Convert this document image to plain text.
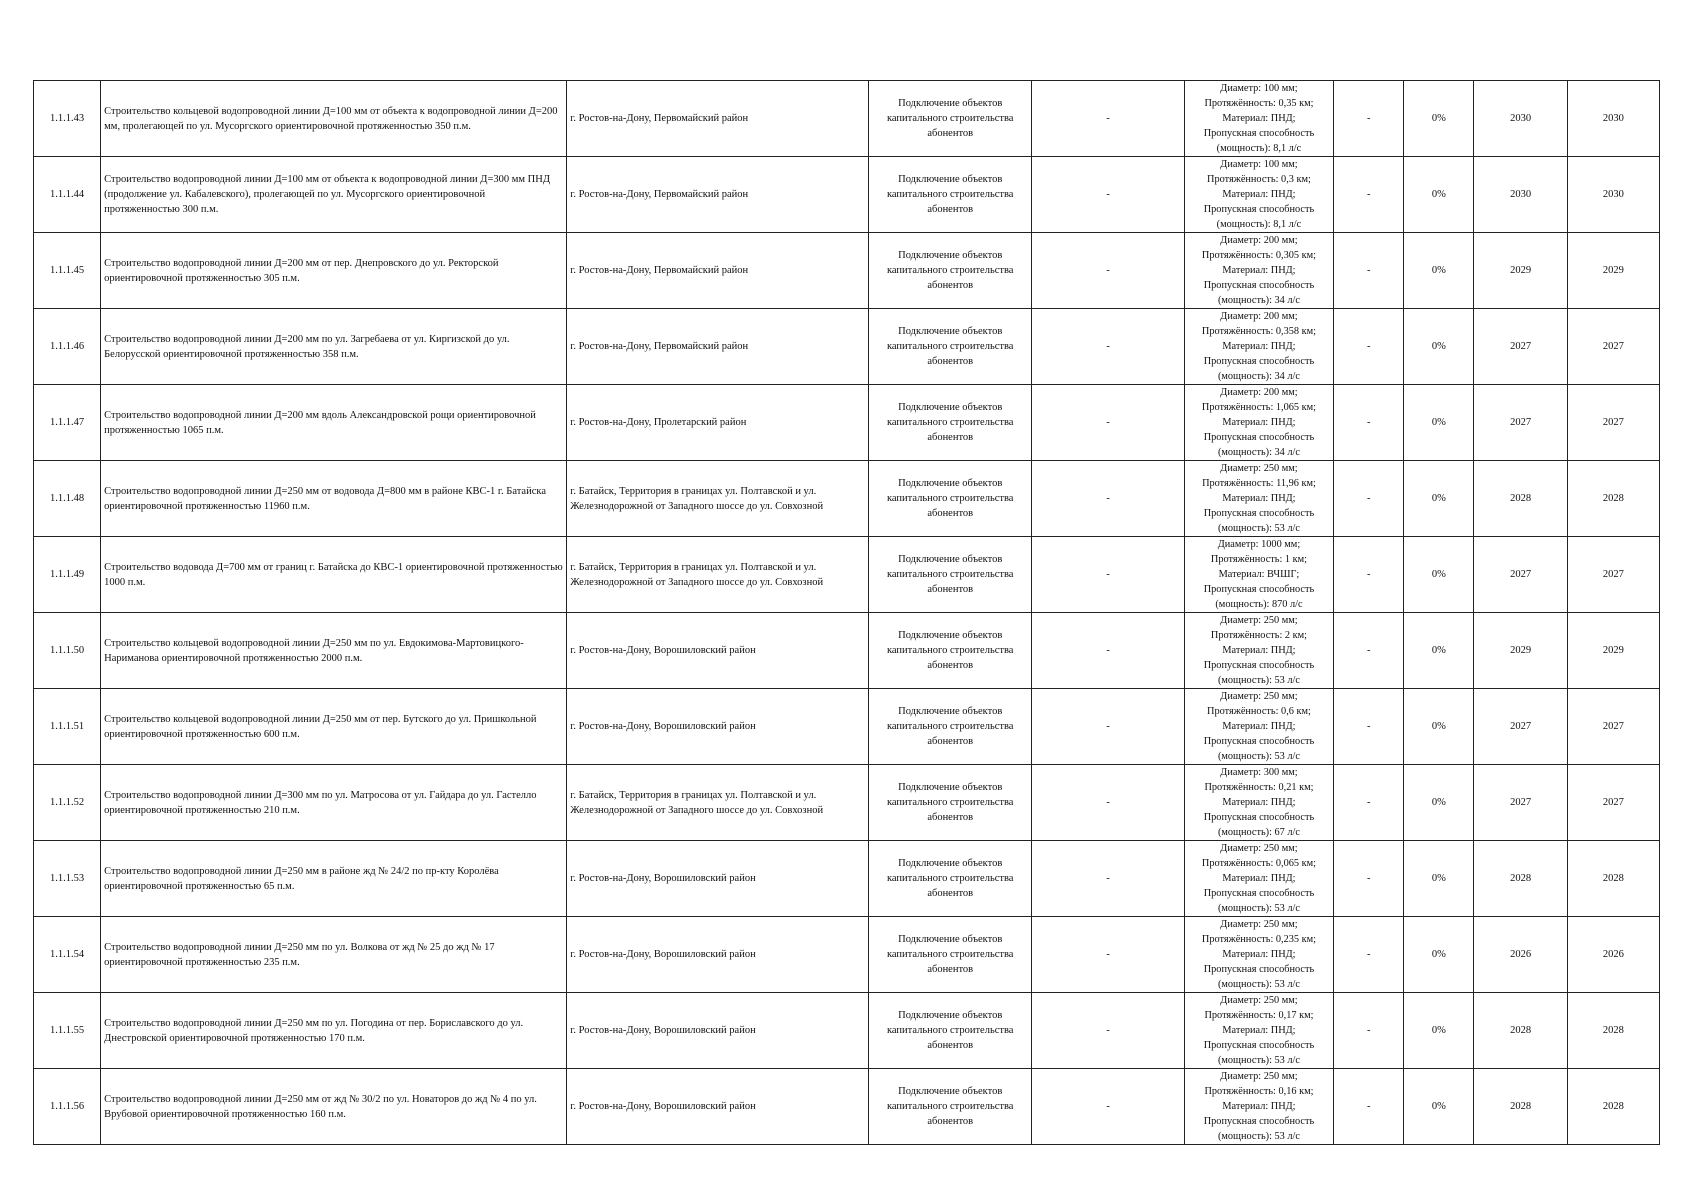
1.1.1.43	Строительство кольцевой водопроводной линии Д=100 мм от объекта к водопроводной линии Д=200 мм, пролегающей по ул. Мусоргского ориентировочной протяженностью 350 п.м.	г. Ростов-на-Дону, Первомайский район	Подключение объектов капитального строительства абонентов	-	Диаметр: 100 мм;
Протяжённость: 0,35 км;
Материал: ПНД;
Пропускная способность
(мощность): 8,1 л/с	-	0%	2030	2030
1.1.1.44	Строительство водопроводной линии Д=100 мм от объекта к водопроводной линии Д=300 мм ПНД (продолжение ул. Кабалевского), пролегающей по ул. Мусоргского ориентировочной протяженностью 300 п.м.	г. Ростов-на-Дону, Первомайский район	Подключение объектов капитального строительства абонентов	-	Диаметр: 100 мм;
Протяжённость: 0,3 км;
Материал: ПНД;
Пропускная способность
(мощность): 8,1 л/с	-	0%	2030	2030
1.1.1.45	Строительство водопроводной линии Д=200 мм от пер. Днепровского до ул. Ректорской ориентировочной протяженностью 305 п.м.	г. Ростов-на-Дону, Первомайский район	Подключение объектов капитального строительства абонентов	-	Диаметр: 200 мм;
Протяжённость: 0,305 км;
Материал: ПНД;
Пропускная способность
(мощность): 34 л/с	-	0%	2029	2029
1.1.1.46	Строительство водопроводной линии Д=200 мм по ул. Загребаева от ул. Киргизской до ул. Белорусской ориентировочной протяженностью 358 п.м.	г. Ростов-на-Дону, Первомайский район	Подключение объектов капитального строительства абонентов	-	Диаметр: 200 мм;
Протяжённость: 0,358 км;
Материал: ПНД;
Пропускная способность
(мощность): 34 л/с	-	0%	2027	2027
1.1.1.47	Строительство водопроводной линии Д=200 мм вдоль Александровской рощи ориентировочной протяженностью 1065 п.м.	г. Ростов-на-Дону, Пролетарский район	Подключение объектов капитального строительства абонентов	-	Диаметр: 200 мм;
Протяжённость: 1,065 км;
Материал: ПНД;
Пропускная способность
(мощность): 34 л/с	-	0%	2027	2027
1.1.1.48	Строительство водопроводной линии Д=250 мм от водовода Д=800 мм в районе КВС-1 г. Батайска ориентировочной протяженностью 11960 п.м.	г. Батайск, Территория в границах ул. Полтавской и ул. Железнодорожной от Западного шоссе до ул. Совхозной	Подключение объектов капитального строительства абонентов	-	Диаметр: 250 мм;
Протяжённость: 11,96 км;
Материал: ПНД;
Пропускная способность
(мощность): 53 л/с	-	0%	2028	2028
1.1.1.49	Строительство водовода Д=700 мм от границ г. Батайска до КВС-1 ориентировочной протяженностью 1000 п.м.	г. Батайск, Территория в границах ул. Полтавской и ул. Железнодорожной от Западного шоссе до ул. Совхозной	Подключение объектов капитального строительства абонентов	-	Диаметр: 1000 мм;
Протяжённость: 1 км;
Материал: ВЧШГ;
Пропускная способность
(мощность): 870 л/с	-	0%	2027	2027
1.1.1.50	Строительство кольцевой водопроводной линии Д=250 мм по ул. Евдокимова-Мартовицкого-Нариманова ориентировочной протяженностью 2000 п.м.	г. Ростов-на-Дону, Ворошиловский район	Подключение объектов капитального строительства абонентов	-	Диаметр: 250 мм;
Протяжённость: 2 км;
Материал: ПНД;
Пропускная способность
(мощность): 53 л/с	-	0%	2029	2029
1.1.1.51	Строительство кольцевой водопроводной линии Д=250 мм от пер. Бутского до ул. Пришкольной ориентировочной протяженностью 600 п.м.	г. Ростов-на-Дону, Ворошиловский район	Подключение объектов капитального строительства абонентов	-	Диаметр: 250 мм;
Протяжённость: 0,6 км;
Материал: ПНД;
Пропускная способность
(мощность): 53 л/с	-	0%	2027	2027
1.1.1.52	Строительство водопроводной линии Д=300 мм по ул. Матросова от ул. Гайдара до ул. Гастелло ориентировочной протяженностью 210 п.м.	г. Батайск, Территория в границах ул. Полтавской и ул. Железнодорожной от Западного шоссе до ул. Совхозной	Подключение объектов капитального строительства абонентов	-	Диаметр: 300 мм;
Протяжённость: 0,21 км;
Материал: ПНД;
Пропускная способность
(мощность): 67 л/с	-	0%	2027	2027
1.1.1.53	Строительство водопроводной линии Д=250 мм в районе жд № 24/2 по пр-кту Королёва ориентировочной протяженностью 65 п.м.	г. Ростов-на-Дону, Ворошиловский район	Подключение объектов капитального строительства абонентов	-	Диаметр: 250 мм;
Протяжённость: 0,065 км;
Материал: ПНД;
Пропускная способность
(мощность): 53 л/с	-	0%	2028	2028
1.1.1.54	Строительство водопроводной линии Д=250 мм по ул. Волкова от жд № 25 до жд № 17 ориентировочной протяженностью 235 п.м.	г. Ростов-на-Дону, Ворошиловский район	Подключение объектов капитального строительства абонентов	-	Диаметр: 250 мм;
Протяжённость: 0,235 км;
Материал: ПНД;
Пропускная способность
(мощность): 53 л/с	-	0%	2026	2026
1.1.1.55	Строительство водопроводной линии Д=250 мм по ул. Погодина от пер. Бориславского до ул. Днестровской ориентировочной протяженностью 170 п.м.	г. Ростов-на-Дону, Ворошиловский район	Подключение объектов капитального строительства абонентов	-	Диаметр: 250 мм;
Протяжённость: 0,17 км;
Материал: ПНД;
Пропускная способность
(мощность): 53 л/с	-	0%	2028	2028
1.1.1.56	Строительство водопроводной линии Д=250 мм от жд № 30/2 по ул. Новаторов до жд № 4 по ул. Врубовой ориентировочной протяженностью 160 п.м.	г. Ростов-на-Дону, Ворошиловский район	Подключение объектов капитального строительства абонентов	-	Диаметр: 250 мм;
Протяжённость: 0,16 км;
Материал: ПНД;
Пропускная способность
(мощность): 53 л/с	-	0%	2028	2028
